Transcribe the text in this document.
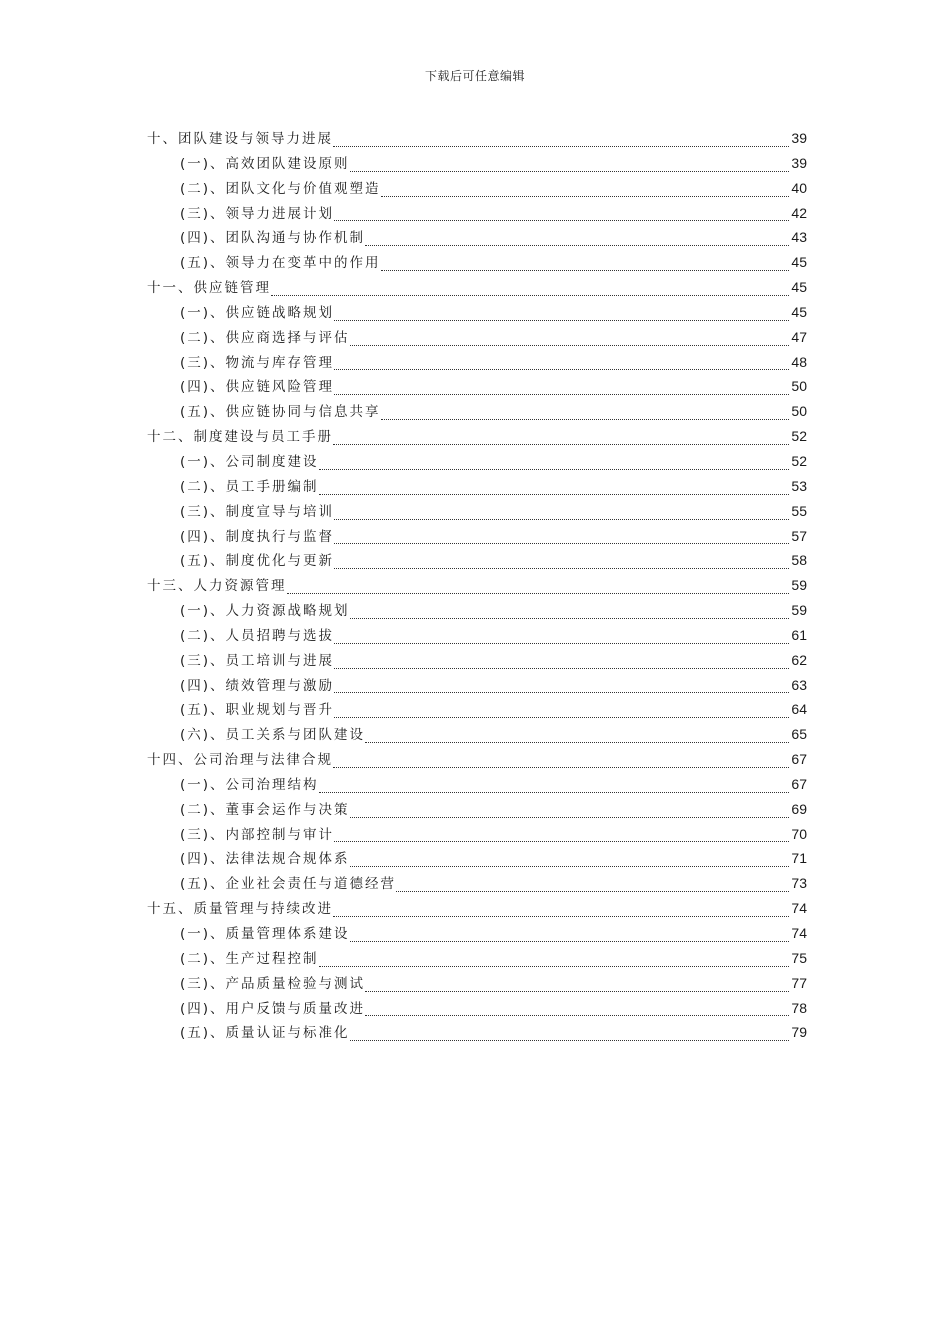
下载后可任意编辑
十、团队建设与领导力进展	39
(一)、高效团队建设原则	39
(二)、团队文化与价值观塑造	40
(三)、领导力进展计划	42
(四)、团队沟通与协作机制	43
(五)、领导力在变革中的作用	45
十一、供应链管理	45
(一)、供应链战略规划	45
(二)、供应商选择与评估	47
(三)、物流与库存管理	48
(四)、供应链风险管理	50
(五)、供应链协同与信息共享	50
十二、制度建设与员工手册	52
(一)、公司制度建设	52
(二)、员工手册编制	53
(三)、制度宣导与培训	55
(四)、制度执行与监督	57
(五)、制度优化与更新	58
十三、人力资源管理	59
(一)、人力资源战略规划	59
(二)、人员招聘与选拔	61
(三)、员工培训与进展	62
(四)、绩效管理与激励	63
(五)、职业规划与晋升	64
(六)、员工关系与团队建设	65
十四、公司治理与法律合规	67
(一)、公司治理结构	67
(二)、董事会运作与决策	69
(三)、内部控制与审计	70
(四)、法律法规合规体系	71
(五)、企业社会责任与道德经营	73
十五、质量管理与持续改进	74
(一)、质量管理体系建设	74
(二)、生产过程控制	75
(三)、产品质量检验与测试	77
(四)、用户反馈与质量改进	78
(五)、质量认证与标准化	79
